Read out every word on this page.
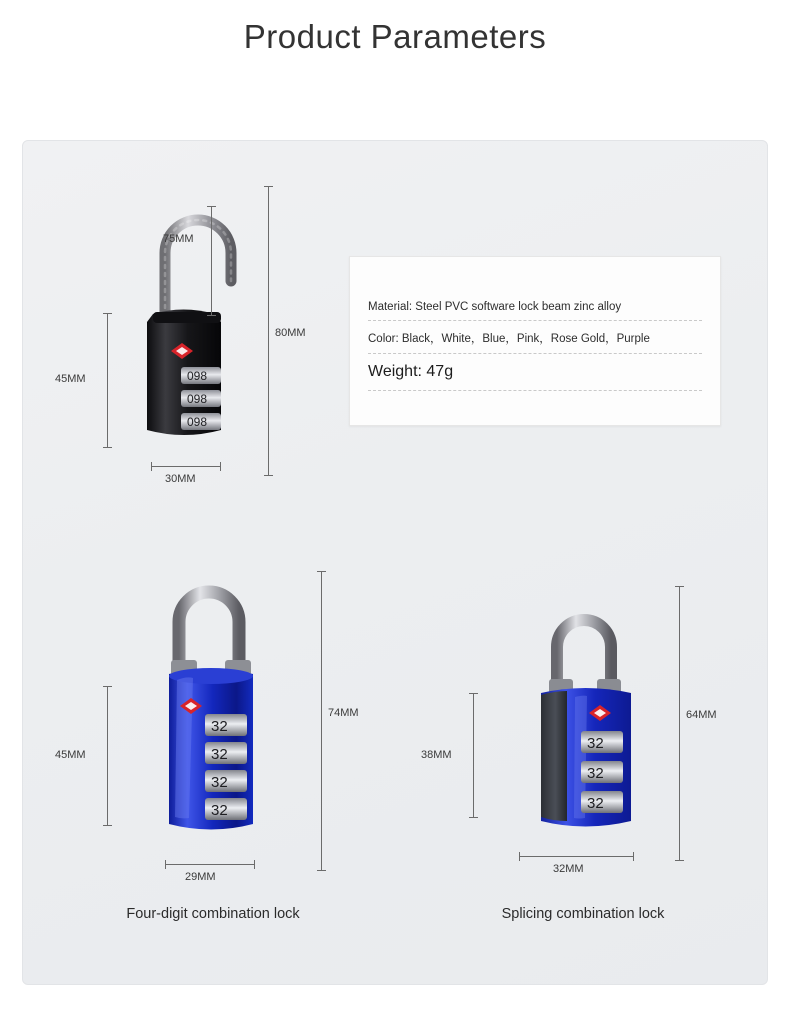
Product Parameters
098
098
098
75MM
80MM
45MM
30MM
Material: Steel PVC software lock beam zinc alloy
Color: Black，White，Blue，Pink，Rose Gold，Purple
Weight: 47g
32
32
32
32
74MM
45MM
29MM
Four-digit combination lock
32
32
32
64MM
38MM
32MM
Splicing combination lock
